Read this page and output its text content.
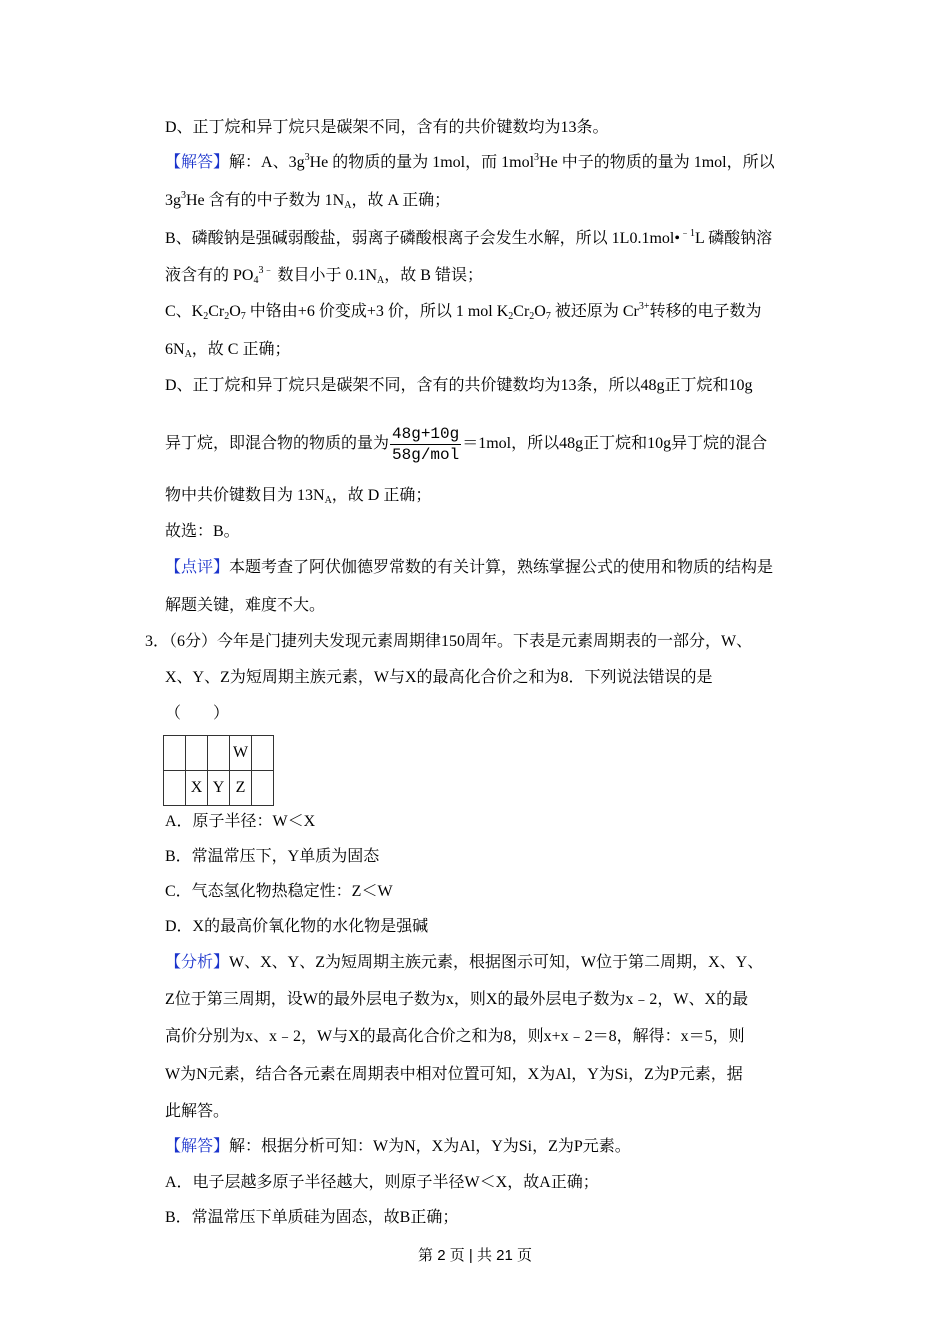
D、正丁烷和异丁烷只是碳架不同，含有的共价键数均为13条。
【解答】解：A、$3g^3He$ 的物质的量为 1mol，而 1mol$^3$He 中子的物质的量为 1mol，所以
$3g^3He$ 含有的中子数为 $1N_A$，故 A 正确；
B、磷酸钠是强碱弱酸盐，弱离子磷酸根离子会发生水解，所以 1L0.1mol•$^{﹣1}$L 磷酸钠溶
液含有的 $PO_4^{3﹣}$ 数目小于 $0.1N_A$，故 B 错误；
C、$K_2Cr_2O_7$ 中铬由+6 价变成+3 价，所以 1 mol $K_2Cr_2O_7$ 被还原为 $Cr^{3+}$转移的电子数为
$6N_A$，故 C 正确；
D、正丁烷和异丁烷只是碳架不同，含有的共价键数均为13条，所以48g正丁烷和10g
异丁烷，即混合物的物质的量为 $\frac{48g+10g}{\text{58g/mol}} =1mol$，所以48g正丁烷和10g异丁烷的混合
物中共价键数目为 $13N_A$，故 D 正确；
故选：B。
【点评】本题考查了阿伏伽德罗常数的有关计算，熟练掌握公式的使用和物质的结构是
解题关键，难度不大。
3．（6分）今年是门捷列夫发现元素周期律150周年。下表是元素周期表的一部分，W、
X、Y、Z为短周期主族元素，W与X的最高化合价之和为8．下列说法错误的是
（　　）
			W	
	X	Y	Z	
A．原子半径：W＜X
B．常温常压下，Y单质为固态
C．气态氢化物热稳定性：Z＜W
D．X的最高价氧化物的水化物是强碱
【分析】W、X、Y、Z为短周期主族元素，根据图示可知，W位于第二周期，X、Y、
Z位于第三周期，设W的最外层电子数为x，则X的最外层电子数为x﹣2，W、X的最
高价分别为x、x﹣2，W与X的最高化合价之和为8，则x+x﹣2＝8，解得：x＝5，则
W为N元素，结合各元素在周期表中相对位置可知，X为Al，Y为Si，Z为P元素，据
此解答。
【解答】解：根据分析可知：W为N，X为Al，Y为Si，Z为P元素。
A．电子层越多原子半径越大，则原子半径W＜X，故A正确；
B．常温常压下单质硅为固态，故B正确；
第 2 页 | 共 21 页
